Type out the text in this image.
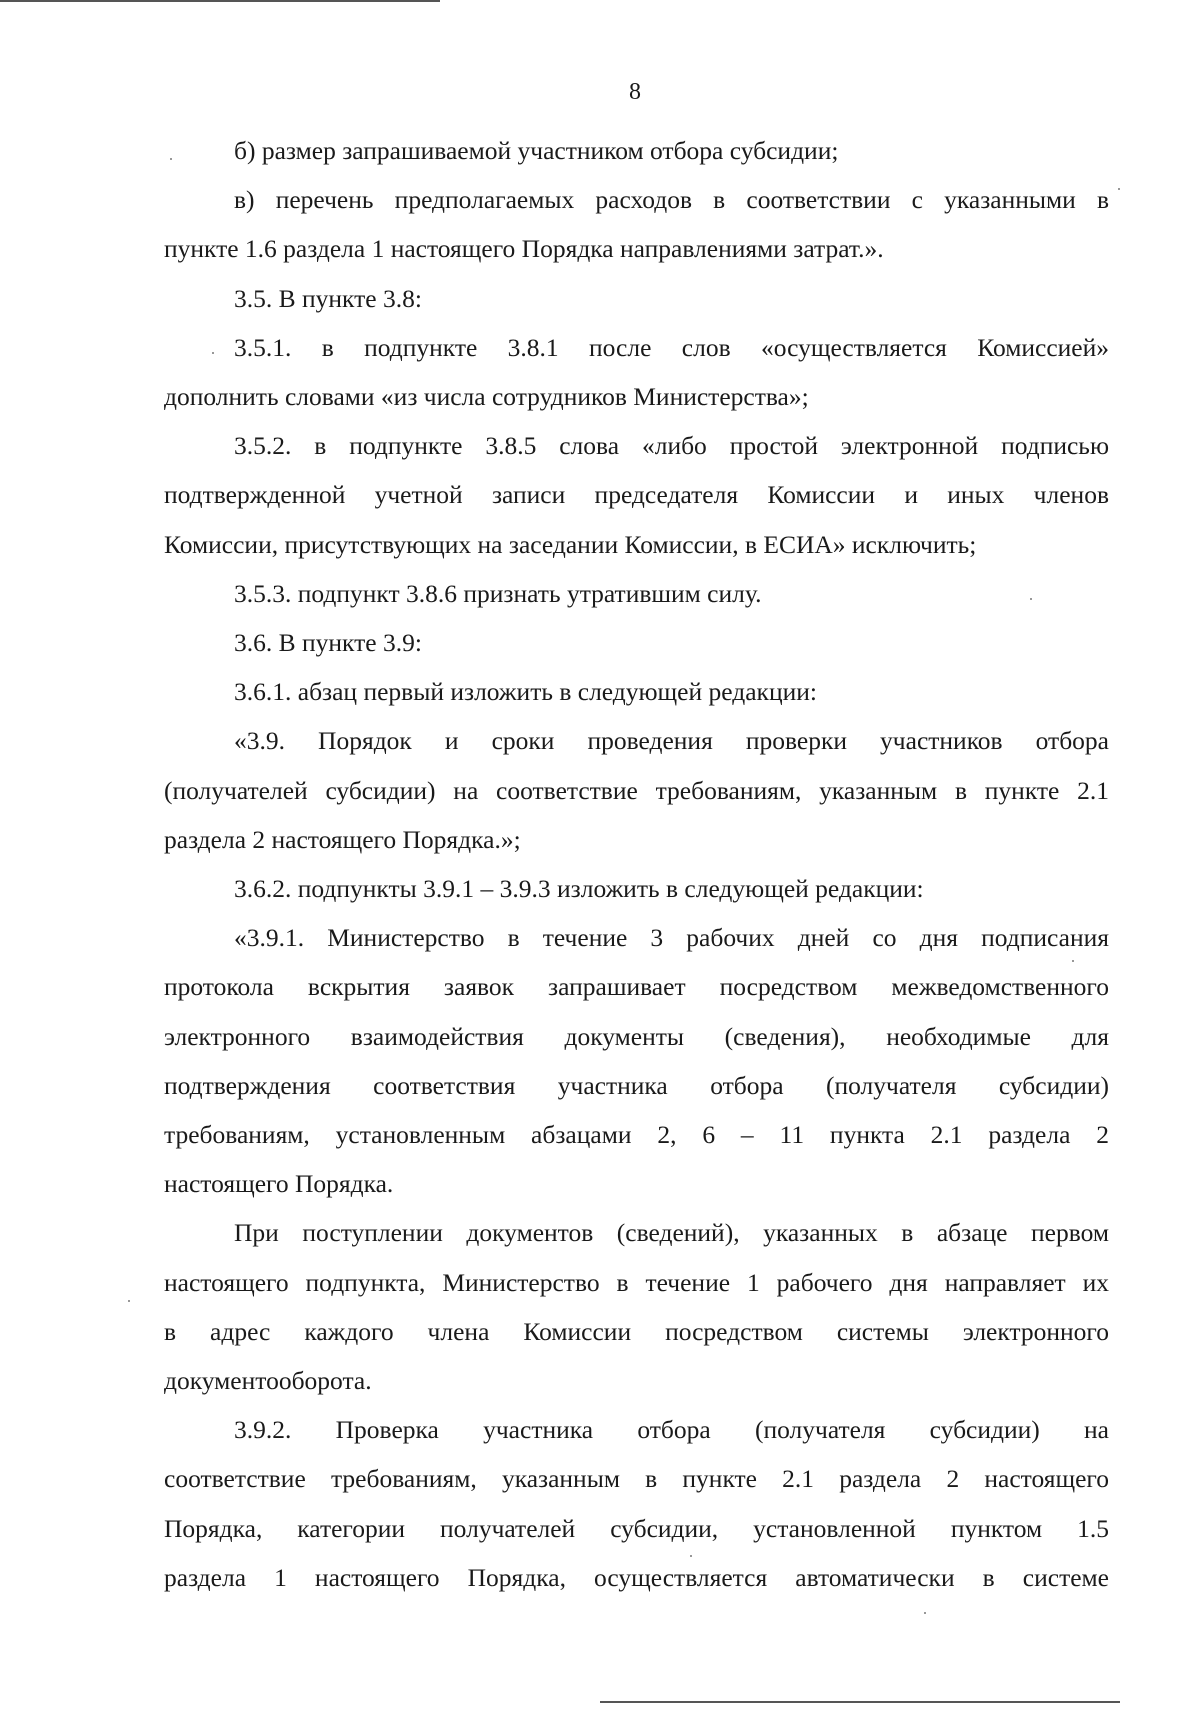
8

б) размер запрашиваемой участником отбора субсидии;

в) перечень предполагаемых расходов в соответствии с указанными в

пункте 1.6 раздела 1 настоящего Порядка направлениями затрат.».

3.5. В пункте 3.8:

3.5.1. в подпункте 3.8.1 после слов «осуществляется Комиссией»

дополнить словами «из числа сотрудников Министерства»;

3.5.2. в подпункте 3.8.5 слова «либо простой электронной подписью

подтвержденной учетной записи председателя Комиссии и иных членов

Комиссии, присутствующих на заседании Комиссии, в ЕСИА» исключить;

3.5.3. подпункт 3.8.6 признать утратившим силу.

3.6. В пункте 3.9:

3.6.1. абзац первый изложить в следующей редакции:

«3.9. Порядок и сроки проведения проверки участников отбора

(получателей субсидии) на соответствие требованиям, указанным в пункте 2.1

раздела 2 настоящего Порядка.»;

3.6.2. подпункты 3.9.1 – 3.9.3 изложить в следующей редакции:

«3.9.1. Министерство в течение 3 рабочих дней со дня подписания

протокола вскрытия заявок запрашивает посредством межведомственного

электронного взаимодействия документы (сведения), необходимые для

подтверждения соответствия участника отбора (получателя субсидии)

требованиям, установленным абзацами 2, 6 – 11 пункта 2.1 раздела 2

настоящего Порядка.

При поступлении документов (сведений), указанных в абзаце первом

настоящего подпункта, Министерство в течение 1 рабочего дня направляет их

в адрес каждого члена Комиссии посредством системы электронного

документооборота.

3.9.2. Проверка участника отбора (получателя субсидии) на

соответствие требованиям, указанным в пункте 2.1 раздела 2 настоящего

Порядка, категории получателей субсидии, установленной пунктом 1.5

раздела 1 настоящего Порядка, осуществляется автоматически в системе
